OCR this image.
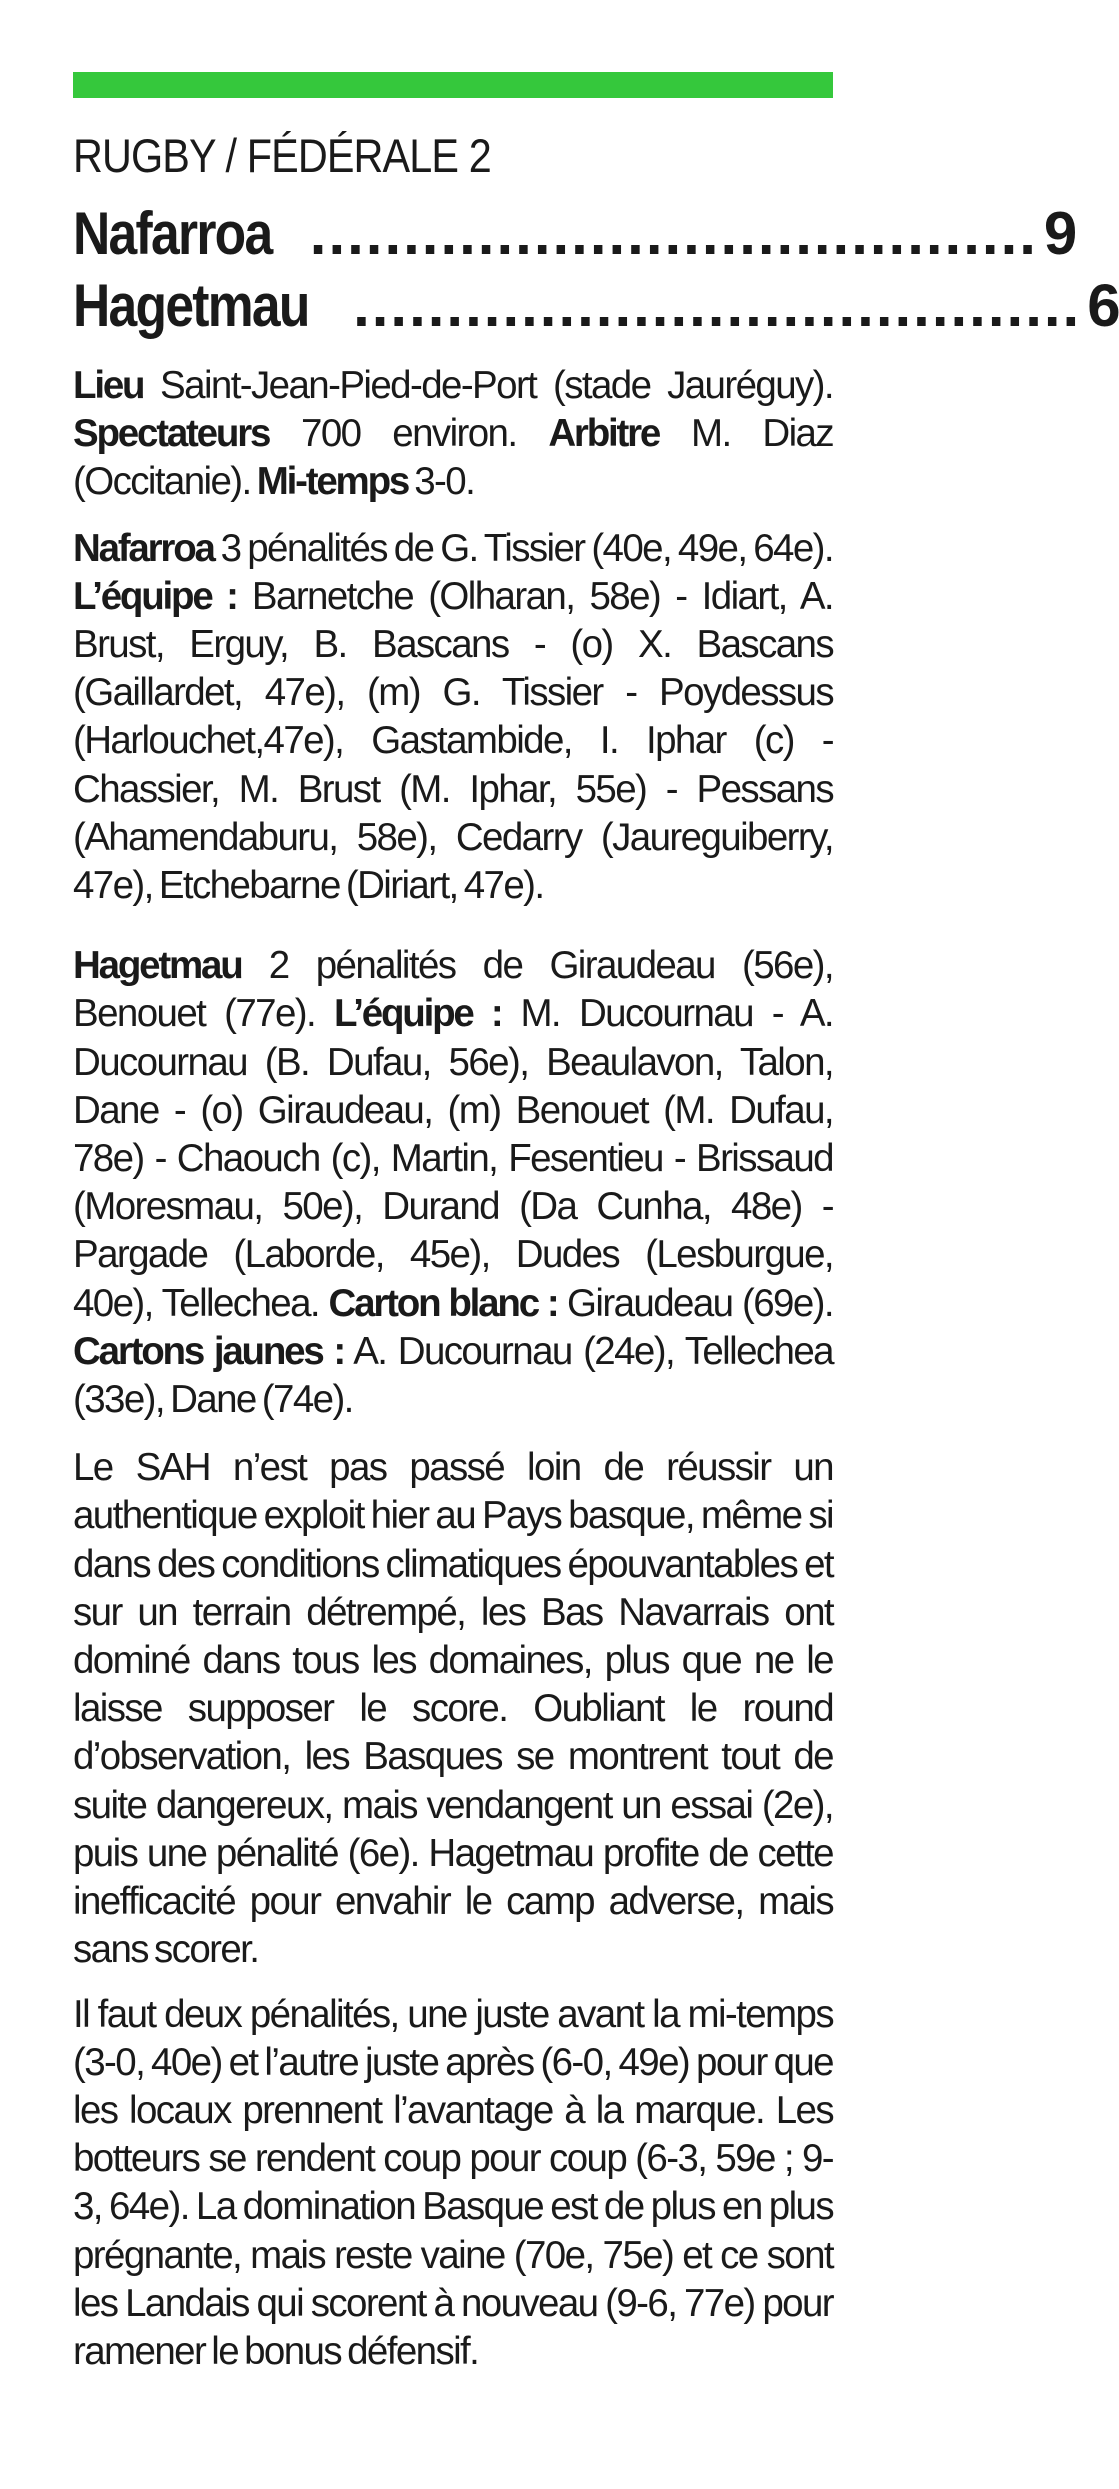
RUGBY / FÉDÉRALE 2
Nafarroa ....................................... 9
Hagetmau ....................................... 6

Lieu Saint-Jean-Pied-de-Port (stade Jauréguy). Spectateurs 700 environ. Arbitre M. Diaz (Occitanie). Mi-temps 3-0.

Nafarroa 3 pénalités de G. Tissier (40e, 49e, 64e). L’équipe : Barnetche (Olharan, 58e) - Idiart, A. Brust, Erguy, B. Bascans - (o) X. Bascans (Gaillardet, 47e), (m) G. Tissier - Poydessus (Harlouchet,47e), Gastambide, I. Iphar (c) - Chassier, M. Brust (M. Iphar, 55e) - Pessans (Ahamendaburu, 58e), Cedarry (Jaureguiberry, 47e), Etchebarne (Diriart, 47e).

Hagetmau 2 pénalités de Giraudeau (56e), Benouet (77e). L’équipe : M. Ducournau - A. Ducournau (B. Dufau, 56e), Beaulavon, Talon, Dane - (o) Giraudeau, (m) Benouet (M. Dufau, 78e) - Chaouch (c), Martin, Fesentieu - Brissaud (Moresmau, 50e), Durand (Da Cunha, 48e) - Pargade (Laborde, 45e), Dudes (Lesburgue, 40e), Tellechea. Carton blanc : Giraudeau (69e). Cartons jaunes : A. Ducournau (24e), Tellechea (33e), Dane (74e).

Le SAH n’est pas passé loin de réussir un authentique exploit hier au Pays basque, même si dans des conditions climatiques épouvantables et sur un terrain détrempé, les Bas Navarrais ont dominé dans tous les domaines, plus que ne le laisse supposer le score. Oubliant le round d’observation, les Basques se montrent tout de suite dangereux, mais vendangent un essai (2e), puis une pénalité (6e). Hagetmau profite de cette inefficacité pour envahir le camp adverse, mais sans scorer.

Il faut deux pénalités, une juste avant la mi-temps (3-0, 40e) et l’autre juste après (6-0, 49e) pour que les locaux prennent l’avantage à la marque. Les botteurs se rendent coup pour coup (6-3, 59e ; 9-3, 64e). La domination Basque est de plus en plus prégnante, mais reste vaine (70e, 75e) et ce sont les Landais qui scorent à nouveau (9-6, 77e) pour ramener le bonus défensif.
